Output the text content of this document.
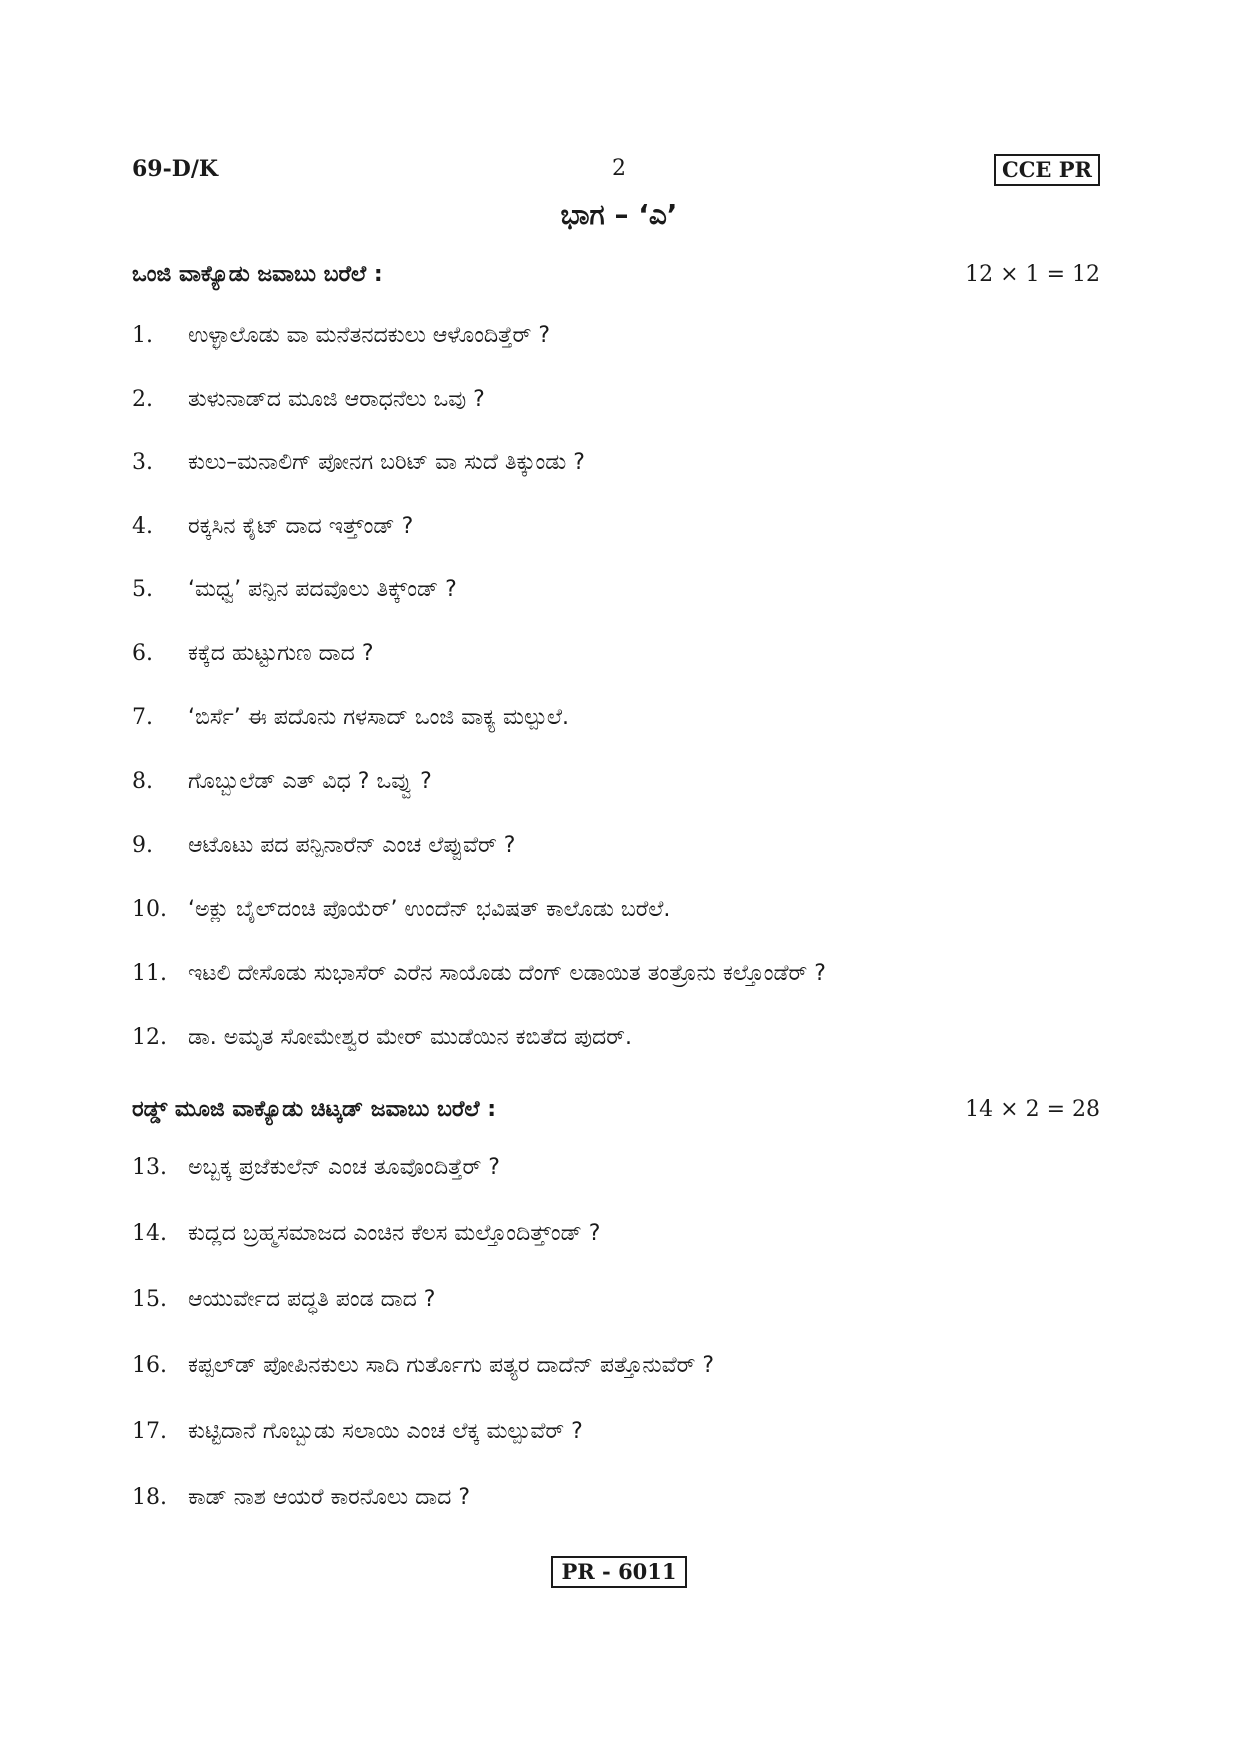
69-D/K	2	CCE PR
ಭಾಗ – ‘ಎ’
ಒಂಜಿ ವಾಕ್ಯೊಡು ಜವಾಬು ಬರೆಲೆ :	12 × 1 = 12
1. ಉಳ್ಳಾಲೊಡು ವಾ ಮನೆತನದಕುಲು ಆಳೊಂದಿತ್ತೆರ್ ?
2. ತುಳುನಾಡ್‌ದ ಮೂಜಿ ಆರಾಧನೆಲು ಒವು ?
3. ಕುಲು–ಮನಾಲಿಗ್ ಪೋನಗ ಬರಿಟ್ ವಾ ಸುದೆ ತಿಕ್ಕುಂಡು ?
4. ರಕ್ಕಸಿನ ಕೈಟ್ ದಾದ ಇತ್ತ್‌ಂಡ್ ?
5. ‘ಮಧ್ವ’ ಪನ್ಪಿನ ಪದವೊಲು ತಿಕ್ಕ್‌ಂಡ್ ?
6. ಕಕ್ಕೆದ ಹುಟ್ಟುಗುಣ ದಾದ ?
7. ‘ಬಿರ್ಸೆ’ ಈ ಪದೊನು ಗಳಸಾದ್ ಒಂಜಿ ವಾಕ್ಯ ಮಲ್ಪುಲೆ.
8. ಗೊಬ್ಬುಲೆಡ್ ಎತ್ ವಿಧ ? ಒವ್ವು ?
9. ಆಟೊಟು ಪದ ಪನ್ಪಿನಾರೆನ್ ಎಂಚ ಲೆಪ್ಪುವೆರ್ ?
10. ‘ಅಕ್ಲು ಬೈಲ್‌ದಂಚಿ ಪೊಯೆರ್’ ಉಂದೆನ್ ಭವಿಷತ್ ಕಾಲೊಡು ಬರೆಲೆ.
11. ಇಟಲಿ ದೇಸೊಡು ಸುಭಾಸೆರ್ ಎರೆನ ಸಾಯೊಡು ದೆಂಗ್ ಲಡಾಯಿತ ತಂತ್ರೊನು ಕಲ್ತೊಂಡೆರ್ ?
12. ಡಾ. ಅಮೃತ ಸೋಮೇಶ್ವರ ಮೇರ್ ಮುಡೆಯಿನ ಕಬಿತೆದ ಪುದರ್.
ರಡ್ಡ್ ಮೂಜಿ ವಾಕ್ಯೊಡು ಚಿಟ್ಕಡ್ ಜವಾಬು ಬರೆಲೆ :	14 × 2 = 28
13. ಅಬ್ಬಕ್ಕ ಪ್ರಜೆಕುಲೆನ್ ಎಂಚ ತೂವೊಂದಿತ್ತೆರ್ ?
14. ಕುದ್ಲದ ಬ್ರಹ್ಮಸಮಾಜದ ಎಂಚಿನ ಕೆಲಸ ಮಲ್ತೊಂದಿತ್ತ್‌ಂಡ್ ?
15. ಆಯುರ್ವೇದ ಪದ್ಧತಿ ಪಂಡ ದಾದ ?
16. ಕಪ್ಪಲ್‌ಡ್ ಪೋಪಿನಕುಲು ಸಾದಿ ಗುರ್ತೊಗು ಪತ್ಯರ ದಾದೆನ್ ಪತ್ತೊನುವೆರ್ ?
17. ಕುಟ್ಟಿದಾನೆ ಗೊಬ್ಬುಡು ಸಲಾಯಿ ಎಂಚ ಲೆಕ್ಕ ಮಲ್ಪುವೆರ್ ?
18. ಕಾಡ್ ನಾಶ ಆಯರೆ ಕಾರನೊಲು ದಾದ ?
PR - 6011
